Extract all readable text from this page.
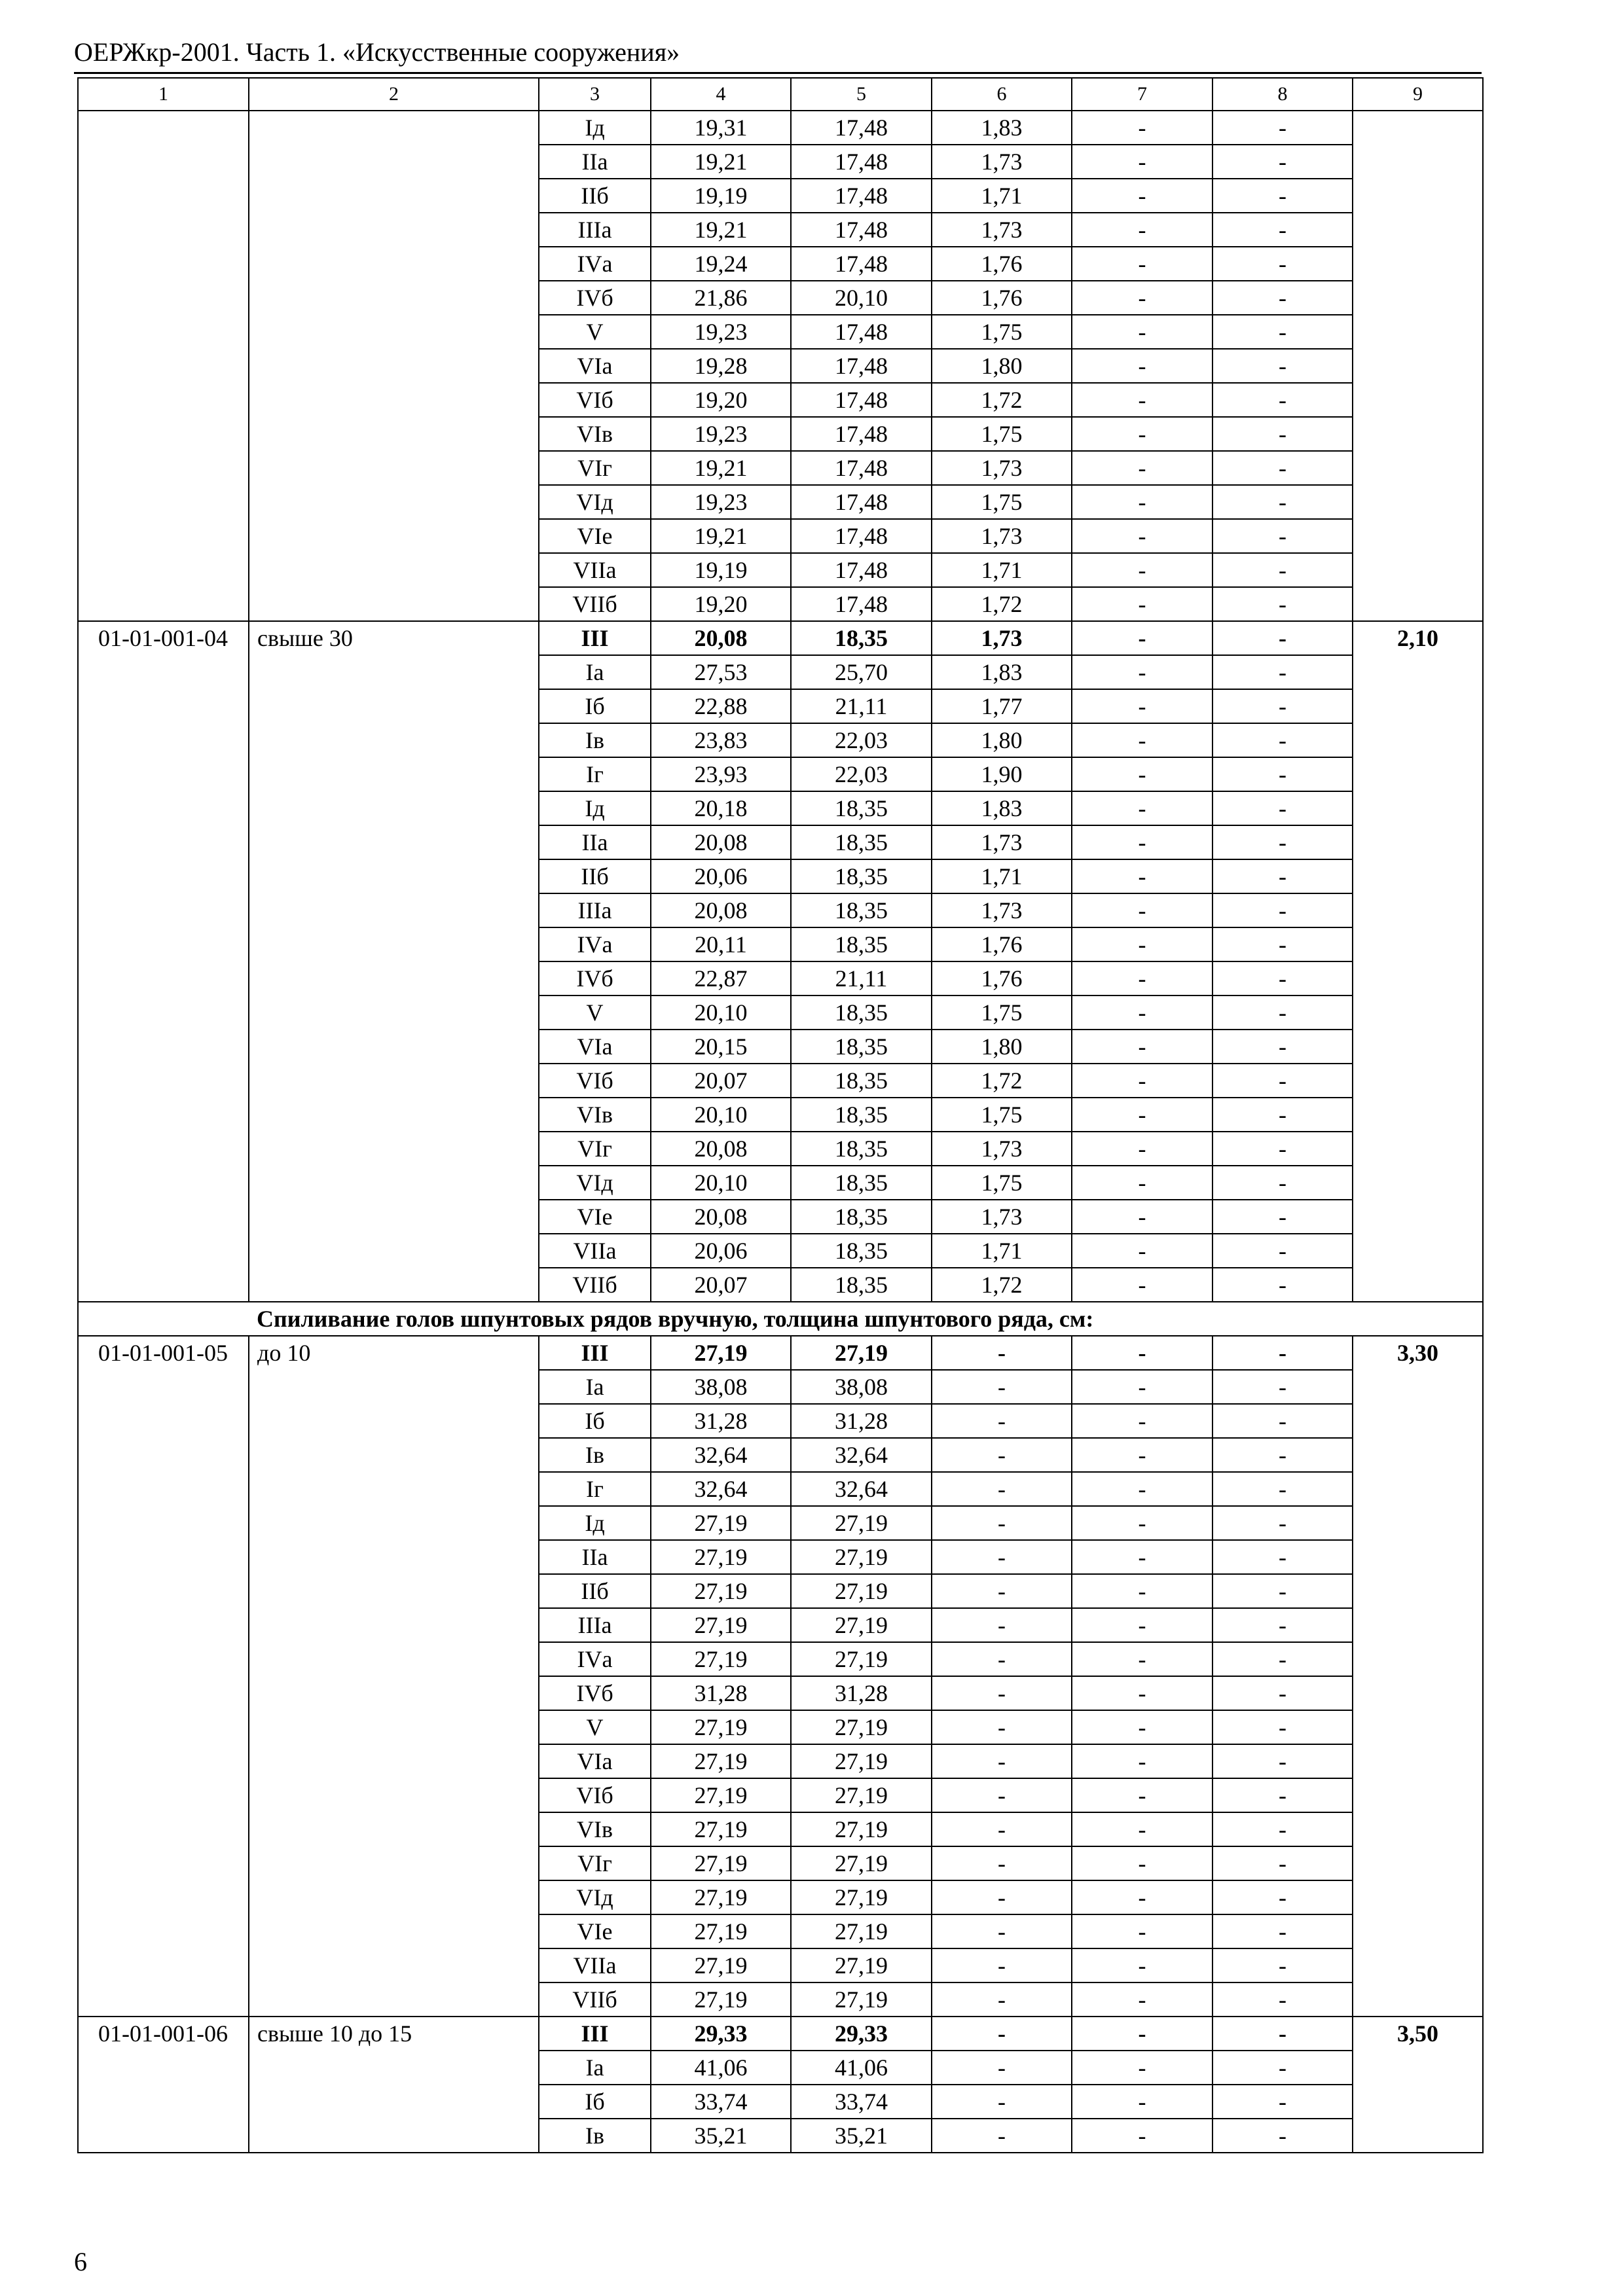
ОЕРЖкр-2001. Часть 1. «Искусственные сооружения»
1	2	3	4	5	6	7	8	9
		Iд	19,31	17,48	1,83	-	-	
		IIа	19,21	17,48	1,73	-	-	
		IIб	19,19	17,48	1,71	-	-	
		IIIа	19,21	17,48	1,73	-	-	
		IVа	19,24	17,48	1,76	-	-	
		IVб	21,86	20,10	1,76	-	-	
		V	19,23	17,48	1,75	-	-	
		VIа	19,28	17,48	1,80	-	-	
		VIб	19,20	17,48	1,72	-	-	
		VIв	19,23	17,48	1,75	-	-	
		VIг	19,21	17,48	1,73	-	-	
		VIд	19,23	17,48	1,75	-	-	
		VIе	19,21	17,48	1,73	-	-	
		VIIа	19,19	17,48	1,71	-	-	
		VIIб	19,20	17,48	1,72	-	-	
01-01-001-04	свыше 30	III	20,08	18,35	1,73	-	-	2,10
		Iа	27,53	25,70	1,83	-	-	
		Iб	22,88	21,11	1,77	-	-	
		Iв	23,83	22,03	1,80	-	-	
		Iг	23,93	22,03	1,90	-	-	
		Iд	20,18	18,35	1,83	-	-	
		IIа	20,08	18,35	1,73	-	-	
		IIб	20,06	18,35	1,71	-	-	
		IIIа	20,08	18,35	1,73	-	-	
		IVа	20,11	18,35	1,76	-	-	
		IVб	22,87	21,11	1,76	-	-	
		V	20,10	18,35	1,75	-	-	
		VIа	20,15	18,35	1,80	-	-	
		VIб	20,07	18,35	1,72	-	-	
		VIв	20,10	18,35	1,75	-	-	
		VIг	20,08	18,35	1,73	-	-	
		VIд	20,10	18,35	1,75	-	-	
		VIе	20,08	18,35	1,73	-	-	
		VIIа	20,06	18,35	1,71	-	-	
		VIIб	20,07	18,35	1,72	-	-	
Спиливание голов шпунтовых рядов вручную, толщина шпунтового ряда, см:								
01-01-001-05	до 10	III	27,19	27,19	-	-	-	3,30
		Iа	38,08	38,08	-	-	-	
		Iб	31,28	31,28	-	-	-	
		Iв	32,64	32,64	-	-	-	
		Iг	32,64	32,64	-	-	-	
		Iд	27,19	27,19	-	-	-	
		IIа	27,19	27,19	-	-	-	
		IIб	27,19	27,19	-	-	-	
		IIIа	27,19	27,19	-	-	-	
		IVа	27,19	27,19	-	-	-	
		IVб	31,28	31,28	-	-	-	
		V	27,19	27,19	-	-	-	
		VIа	27,19	27,19	-	-	-	
		VIб	27,19	27,19	-	-	-	
		VIв	27,19	27,19	-	-	-	
		VIг	27,19	27,19	-	-	-	
		VIд	27,19	27,19	-	-	-	
		VIе	27,19	27,19	-	-	-	
		VIIа	27,19	27,19	-	-	-	
		VIIб	27,19	27,19	-	-	-	
01-01-001-06	свыше 10 до 15	III	29,33	29,33	-	-	-	3,50
		Iа	41,06	41,06	-	-	-	
		Iб	33,74	33,74	-	-	-	
		Iв	35,21	35,21	-	-	-	
6
